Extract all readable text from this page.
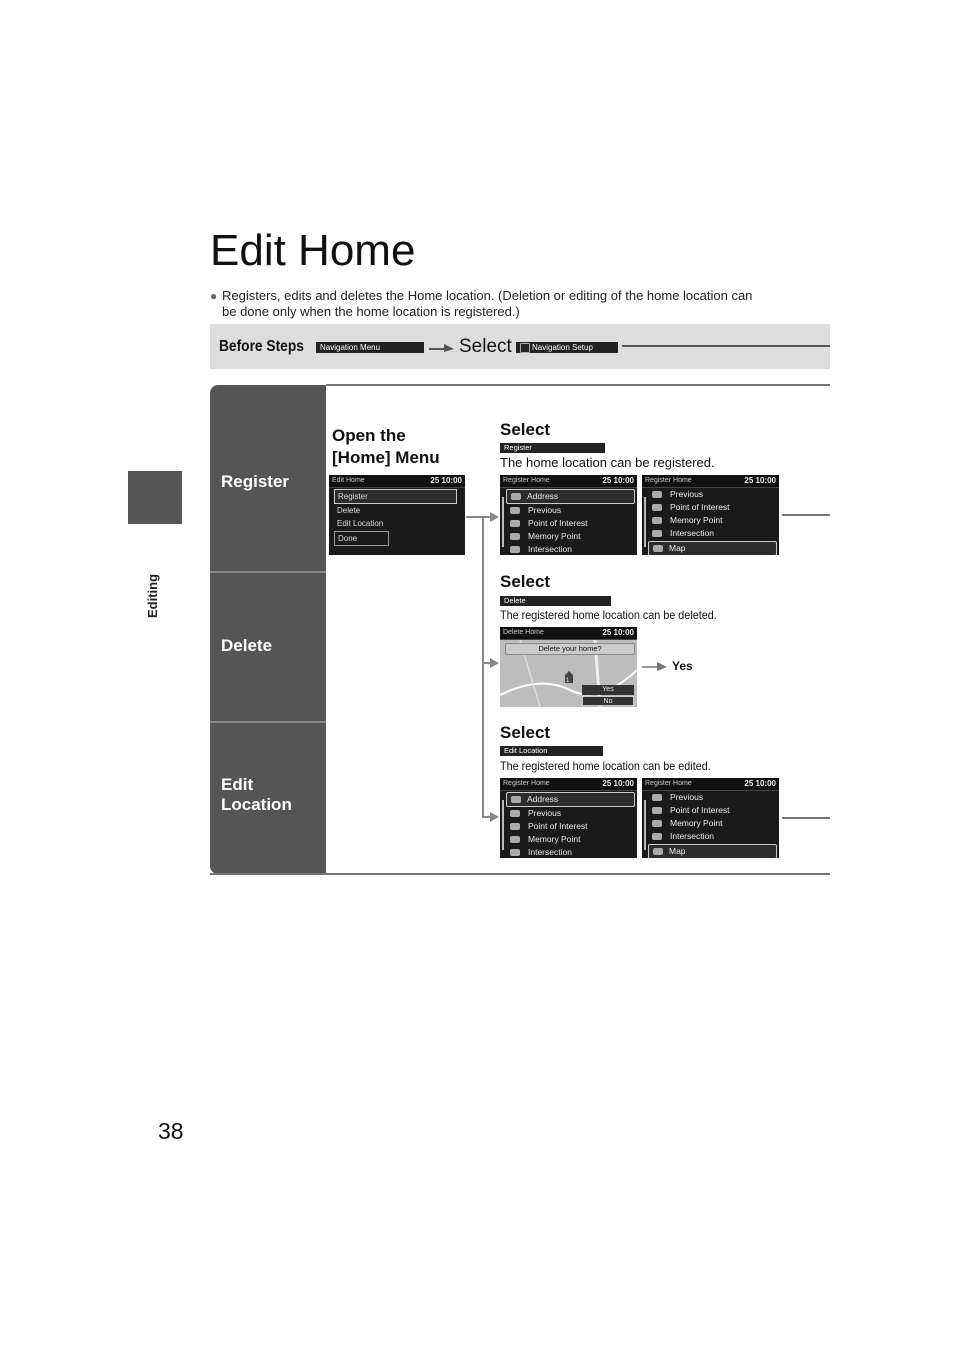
Editing
38
Edit Home
● Registers, edits and deletes the Home location. (Deletion or editing of the home location can be done only when the home location is registered.)
Before Steps	Navigation Menu	Select	Navigation Setup
Register
Delete
Edit Location
Open the [Home] Menu
Edit Home	25 10:00
Register
Delete
Edit Location
Done
Select
Register
The home location can be registered.
Register Home	25 10:00
Address
Previous
Point of Interest
Memory Point
Intersection
Register Home	25 10:00
Previous
Point of Interest
Memory Point
Intersection
Map
Select
Delete
The registered home location can be deleted.
Delete Home	25 10:00
1
Delete your home?
Yes
No
Yes
Select
Edit Location
The registered home location can be edited.
Register Home	25 10:00
Address
Previous
Point of Interest
Memory Point
Intersection
Register Home	25 10:00
Previous
Point of Interest
Memory Point
Intersection
Map
